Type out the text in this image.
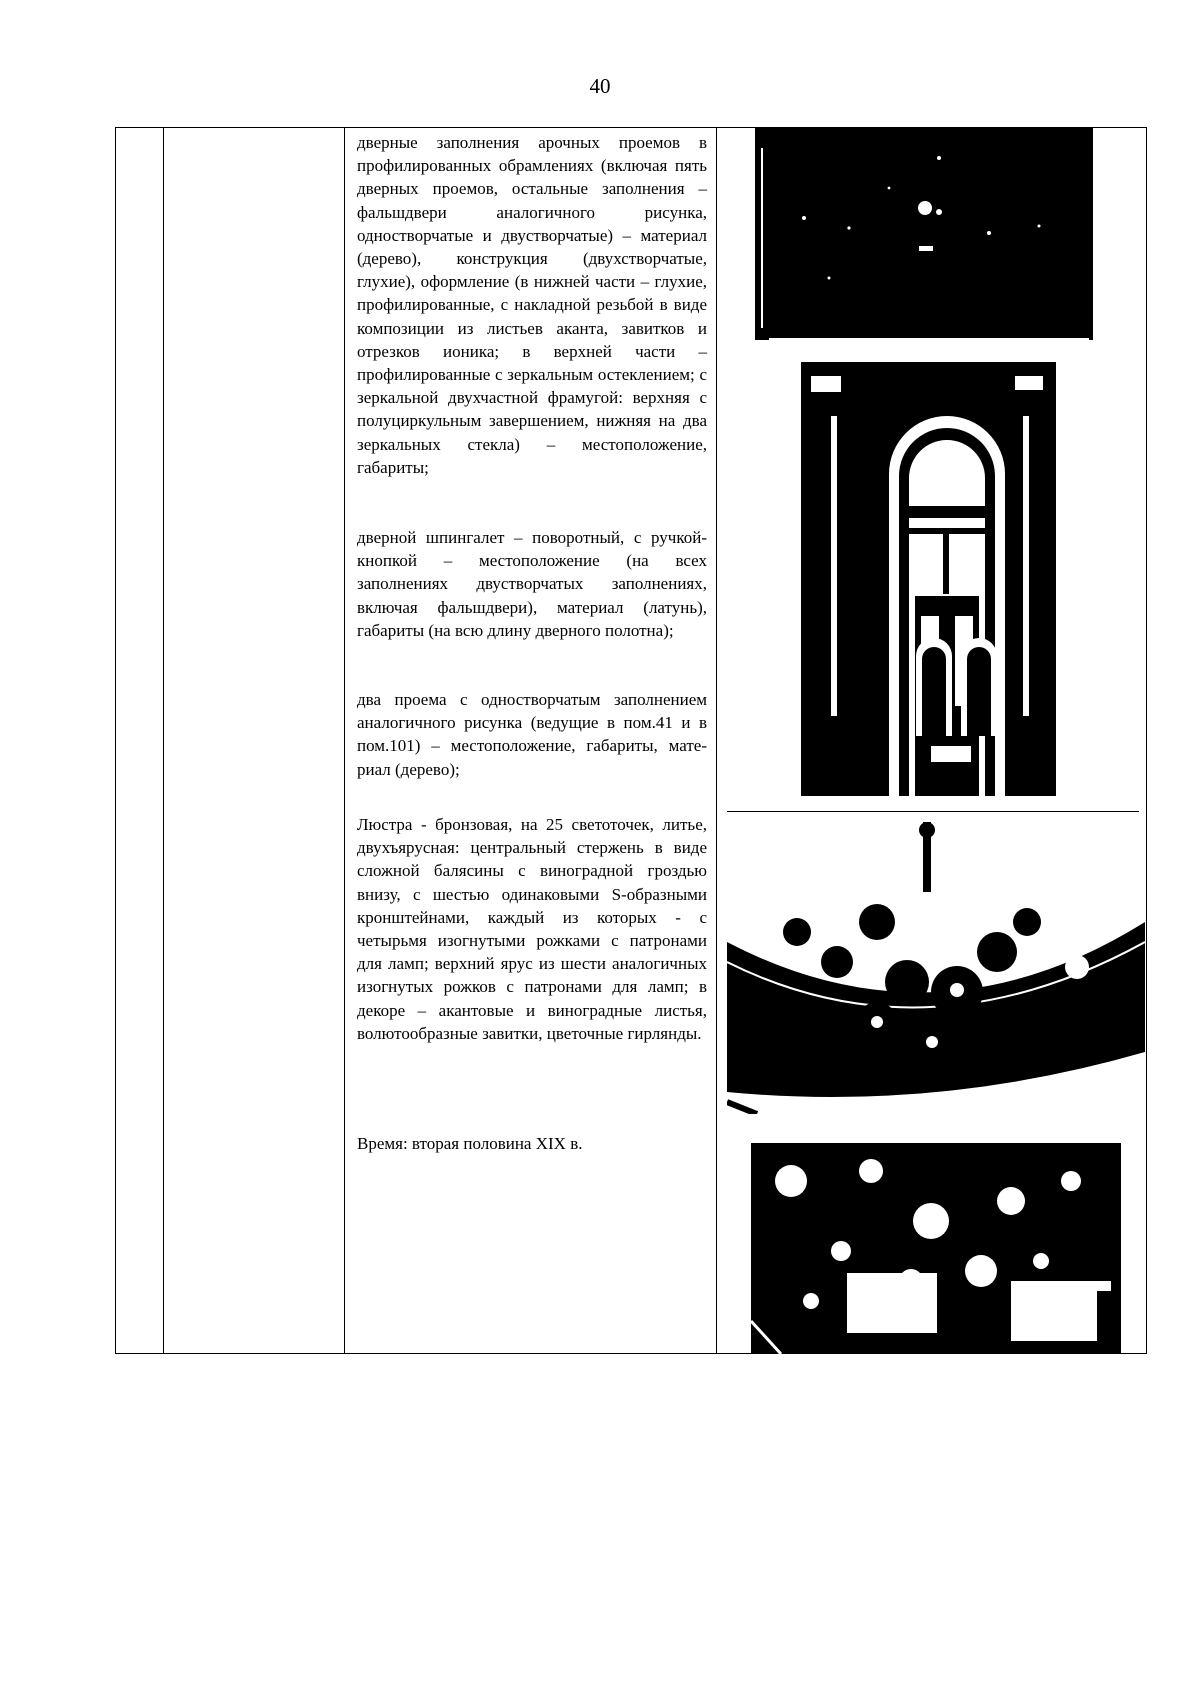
40

дверные заполнения арочных проемов в профилированных обрамлениях (включая пять дверных проемов, остальные заполнения – фальшдвери аналогичного рисунка, одностворчатые и двустворчатые) – материал (дерево), конструкция (двухстворчатые, глухие), оформление (в нижней части – глухие, профилированные, с накладной резьбой в виде композиции из листьев аканта, завитков и отрезков ионика; в верхней части – профилированные с зеркальным остеклением; с зеркальной двухчастной фрамугой: верхняя с полуциркульным завершением, нижняя на два зеркальных стекла) – местоположение, габариты;

дверной шпингалет – поворотный, с ручкой-кнопкой – местоположение (на всех заполнениях двустворчатых заполнениях, включая фальшдвери), материал (латунь), габариты (на всю длину дверного полотна);

два проема с одностворчатым заполнением аналогичного рисунка (ведущие в пом.41 и в пом.101) – местоположение, габариты, мате-риал (дерево);

Люстра - бронзовая, на 25 светоточек, литье, двухъярусная: центральный стержень в виде сложной балясины с виноградной гроздью внизу, с шестью одинаковыми S-образными кронштейнами, каждый из которых - с четырьмя изогнутыми рожками с патронами для ламп; верхний ярус из шести аналогичных изогнутых рожков с патронами для ламп; в декоре – акантовые и виноградные листья, волютообразные завитки, цветочные гирлянды.

Время: вторая половина XIX в.
